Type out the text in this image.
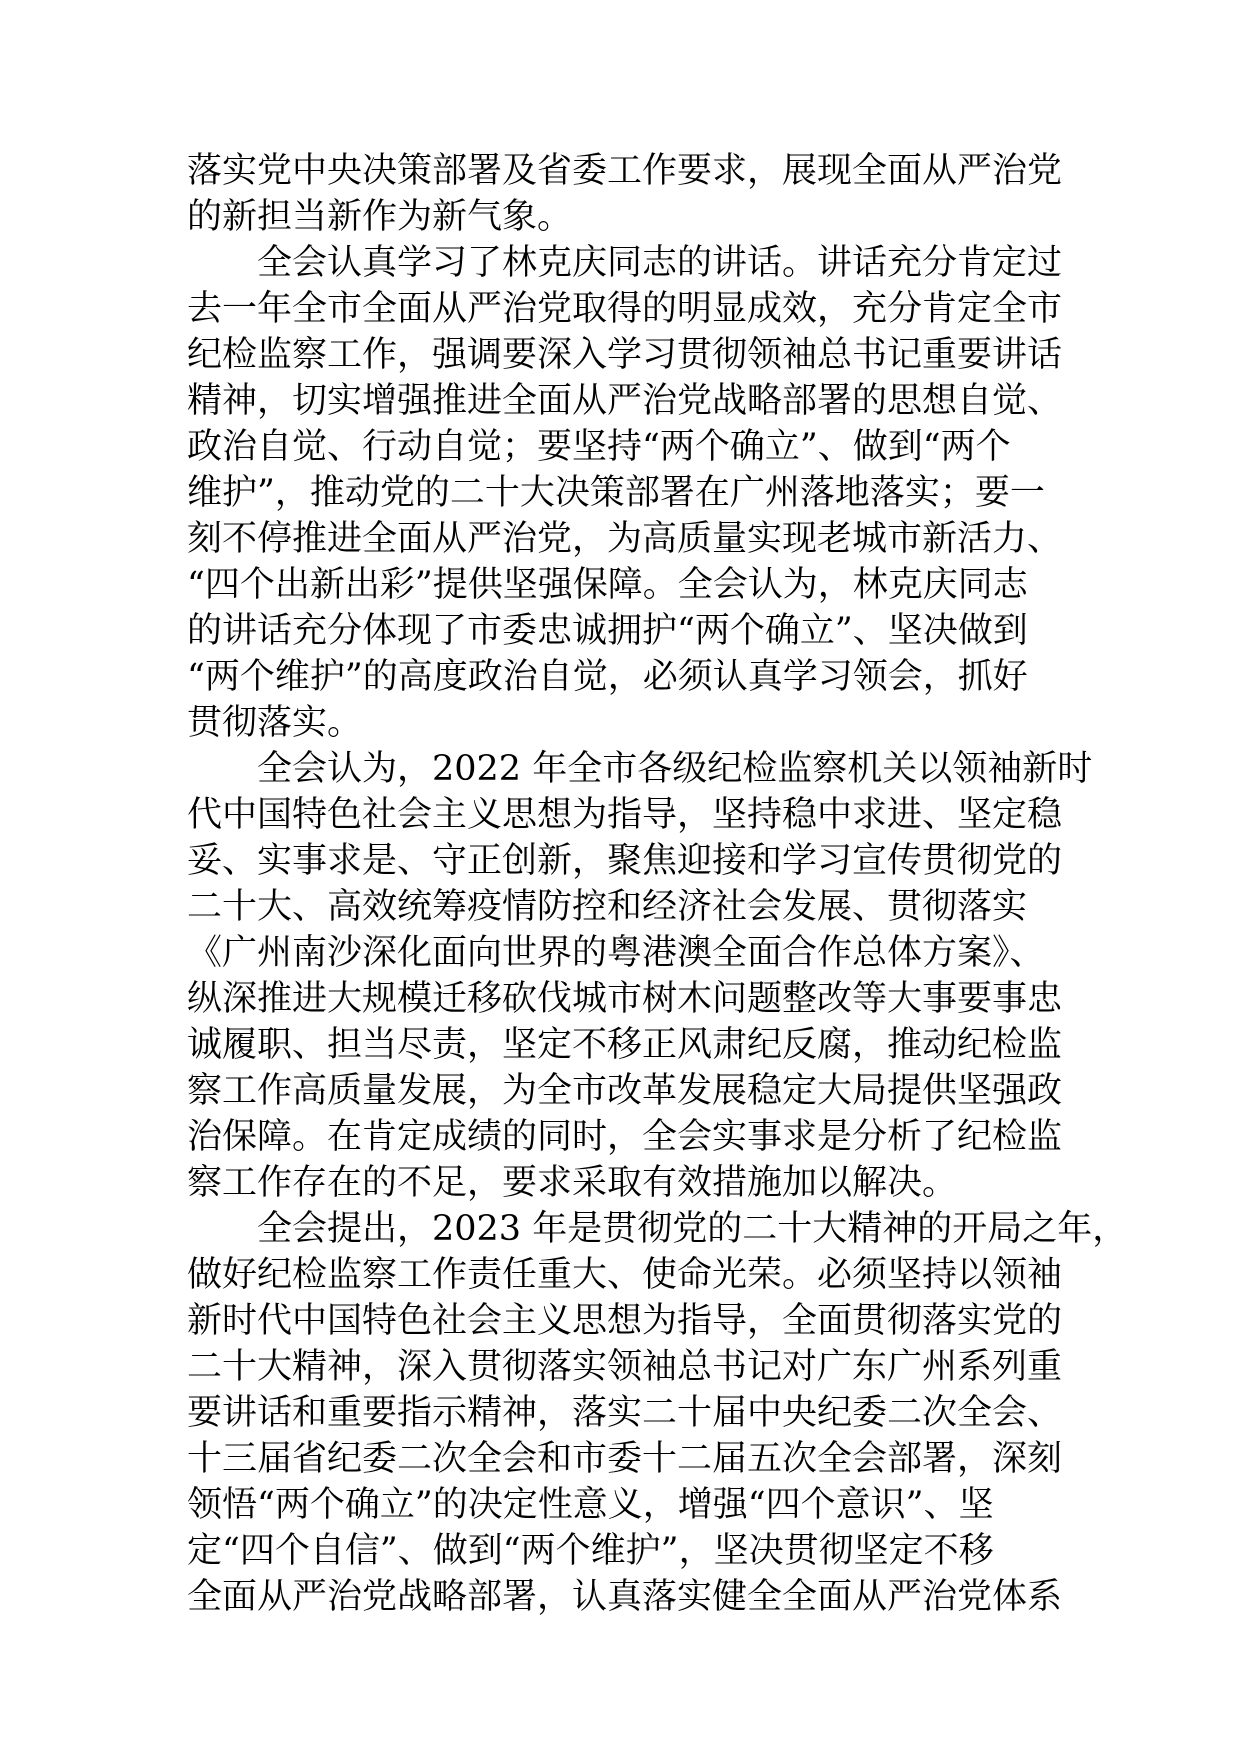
落实党中央决策部署及省委工作要求，展现全面从严治党
的新担当新作为新气象。
全会认真学习了林克庆同志的讲话。讲话充分肯定过
去一年全市全面从严治党取得的明显成效，充分肯定全市
纪检监察工作，强调要深入学习贯彻领袖总书记重要讲话
精神，切实增强推进全面从严治党战略部署的思想自觉、
政治自觉、行动自觉；要坚持“两个确立”、做到“两个
维护”，推动党的二十大决策部署在广州落地落实；要一
刻不停推进全面从严治党，为高质量实现老城市新活力、
“四个出新出彩”提供坚强保障。全会认为，林克庆同志
的讲话充分体现了市委忠诚拥护“两个确立”、坚决做到
“两个维护”的高度政治自觉，必须认真学习领会，抓好
贯彻落实。
全会认为，2022 年全市各级纪检监察机关以领袖新时
代中国特色社会主义思想为指导，坚持稳中求进、坚定稳
妥、实事求是、守正创新，聚焦迎接和学习宣传贯彻党的
二十大、高效统筹疫情防控和经济社会发展、贯彻落实
《广州南沙深化面向世界的粤港澳全面合作总体方案》、
纵深推进大规模迁移砍伐城市树木问题整改等大事要事忠
诚履职、担当尽责，坚定不移正风肃纪反腐，推动纪检监
察工作高质量发展，为全市改革发展稳定大局提供坚强政
治保障。在肯定成绩的同时，全会实事求是分析了纪检监
察工作存在的不足，要求采取有效措施加以解决。
全会提出，2023 年是贯彻党的二十大精神的开局之年，
做好纪检监察工作责任重大、使命光荣。必须坚持以领袖
新时代中国特色社会主义思想为指导，全面贯彻落实党的
二十大精神，深入贯彻落实领袖总书记对广东广州系列重
要讲话和重要指示精神，落实二十届中央纪委二次全会、
十三届省纪委二次全会和市委十二届五次全会部署，深刻
领悟“两个确立”的决定性意义，增强“四个意识”、坚
定“四个自信”、做到“两个维护”，坚决贯彻坚定不移
全面从严治党战略部署，认真落实健全全面从严治党体系
